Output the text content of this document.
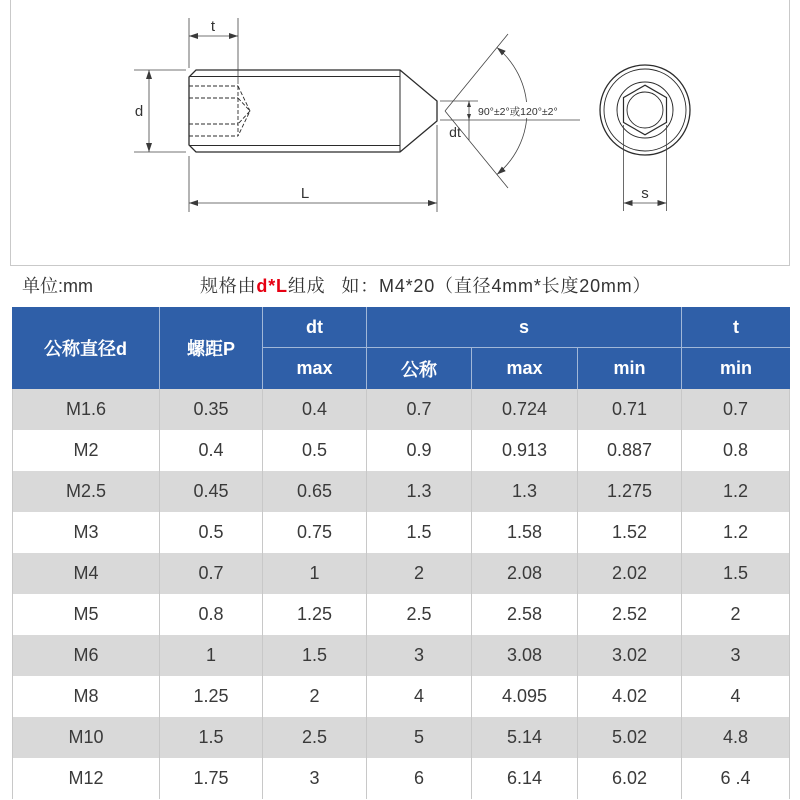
t
d
L
dt
90°±2°或120°±2°
s
单位:mm	规格由d*L组成 如：M4*20（直径4mm*长度20mm）
公称直径d	螺距P
dt	s	t
max	公称	max	min	min
M1.6	0.35	0.4	0.7	0.724	0.71	0.7
M2	0.4	0.5	0.9	0.913	0.887	0.8
M2.5	0.45	0.65	1.3	1.3	1.275	1.2
M3	0.5	0.75	1.5	1.58	1.52	1.2
M4	0.7	1	2	2.08	2.02	1.5
M5	0.8	1.25	2.5	2.58	2.52	2
M6	1	1.5	3	3.08	3.02	3
M8	1.25	2	4	4.095	4.02	4
M10	1.5	2.5	5	5.14	5.02	4.8
M12	1.75	3	6	6.14	6.02	6 .4
